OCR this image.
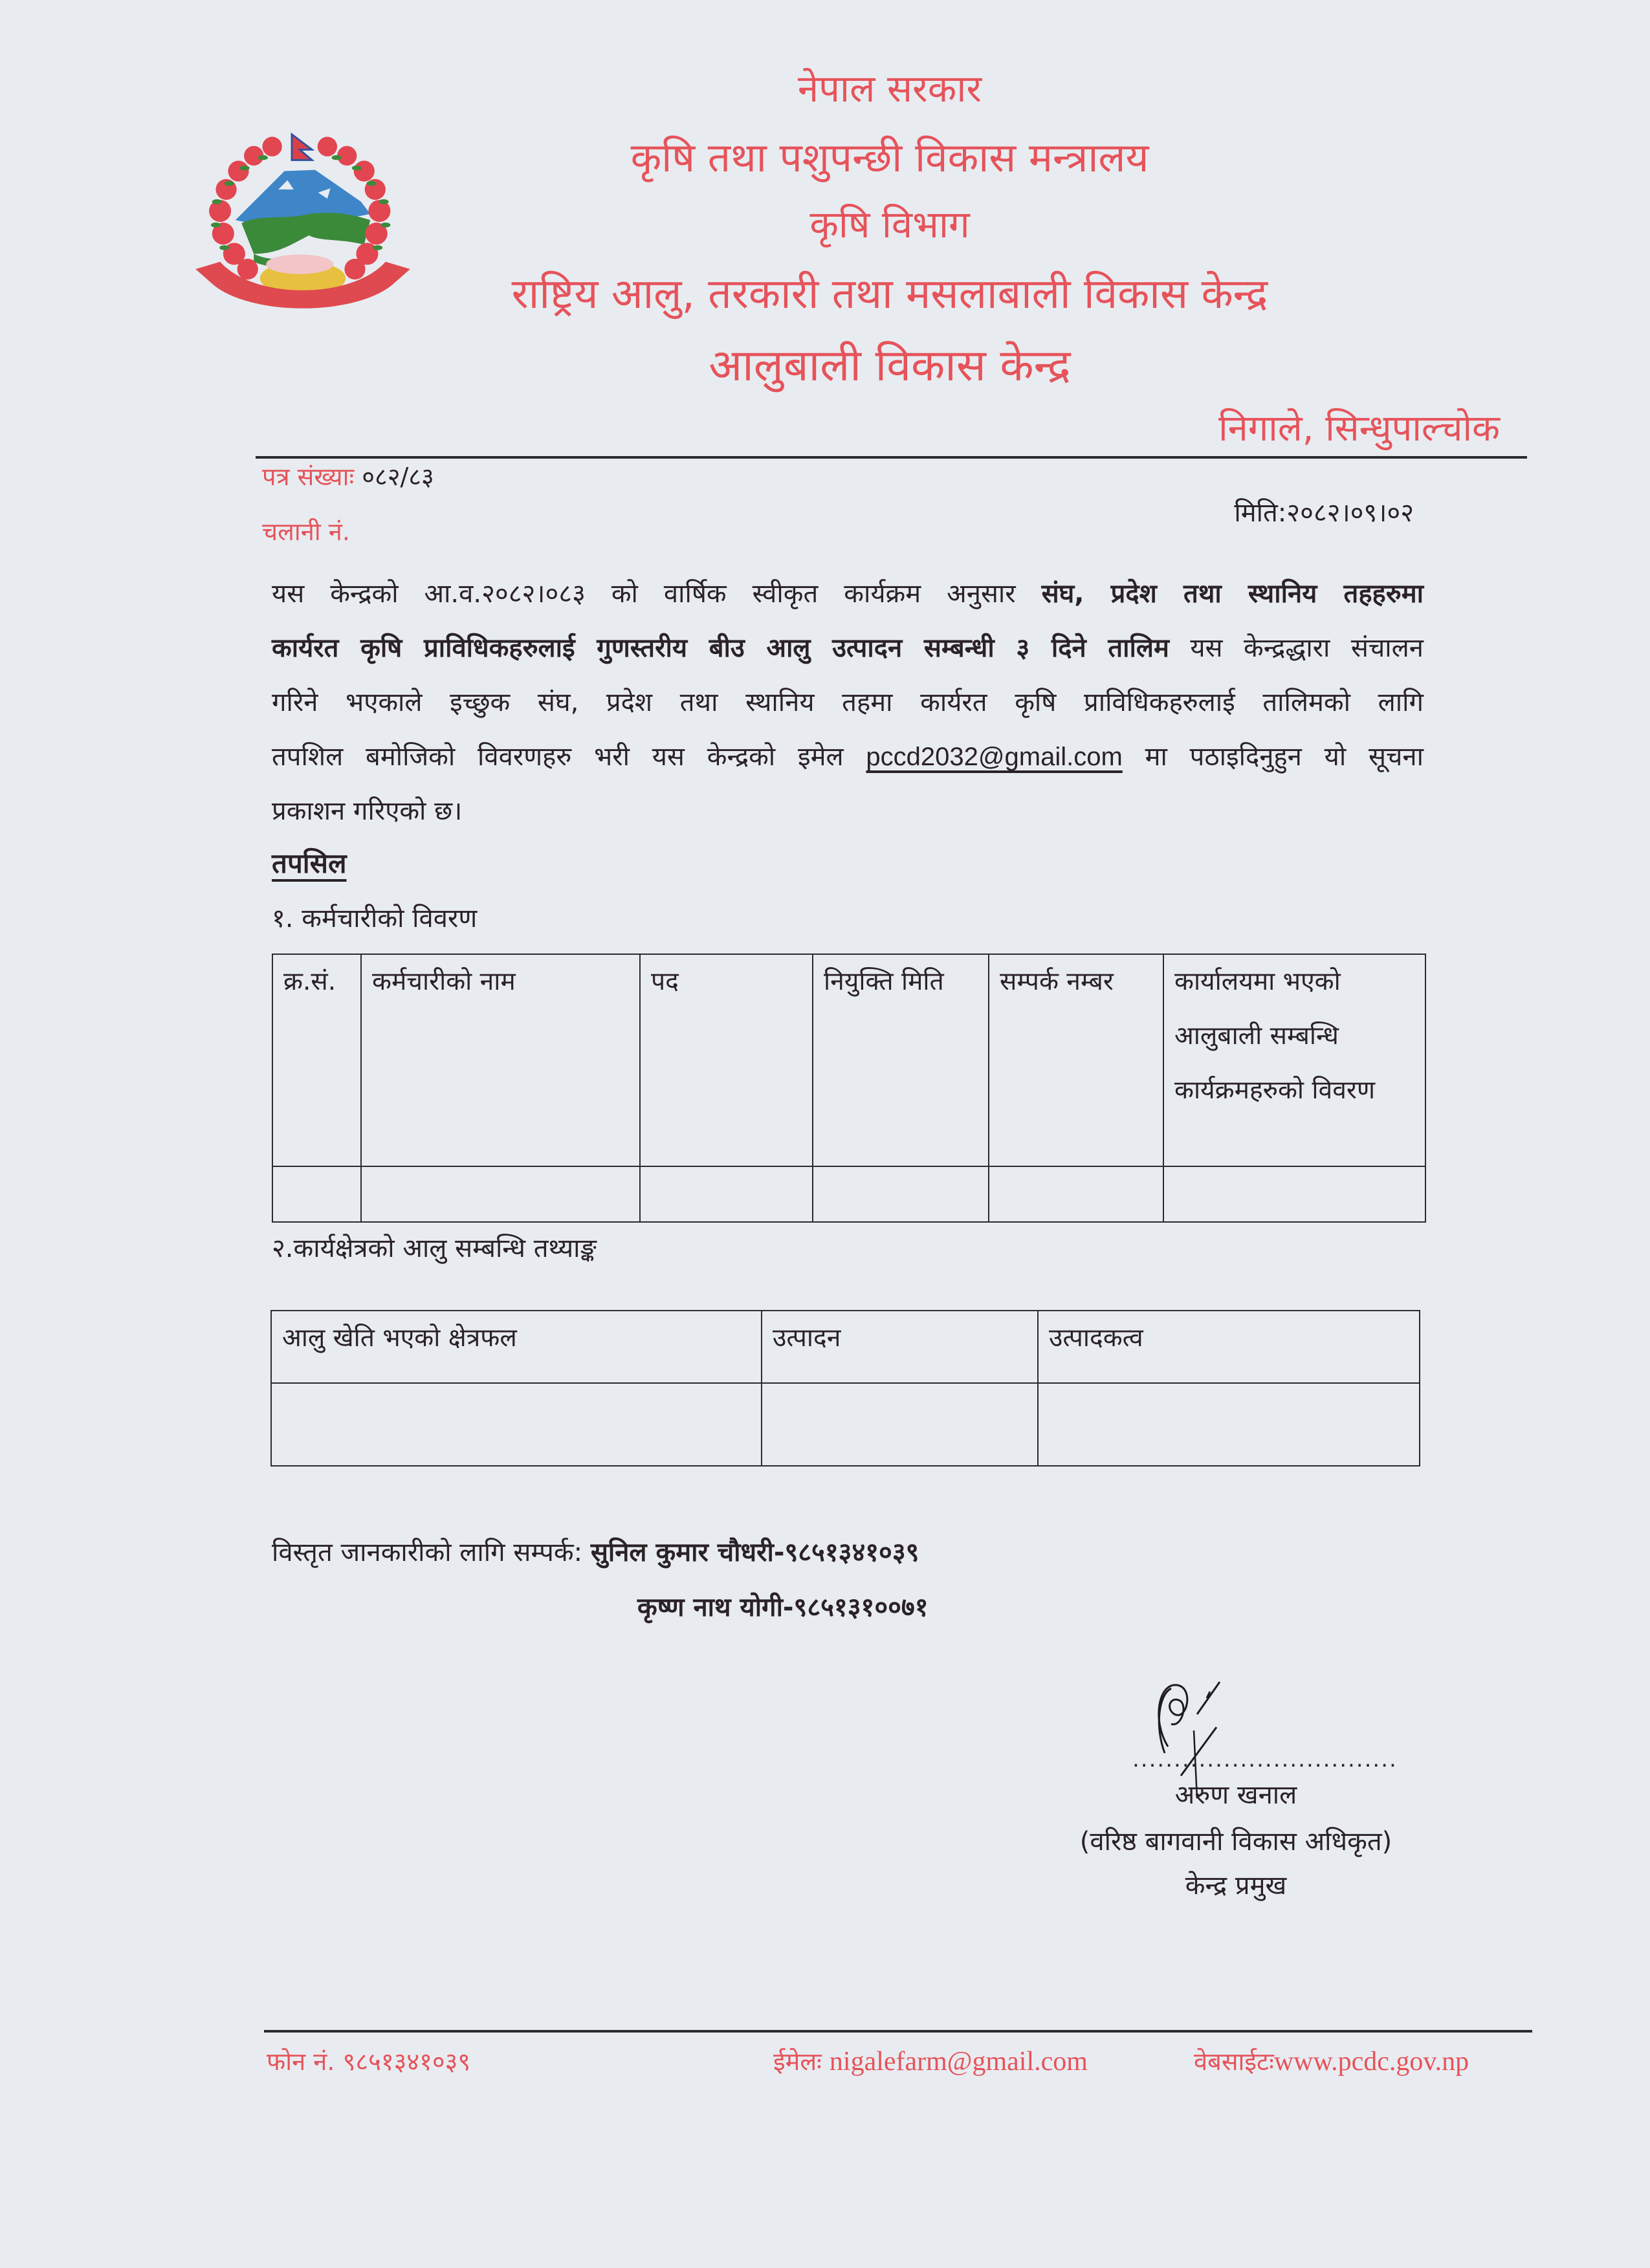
नेपाल सरकार
कृषि तथा पशुपन्छी विकास मन्त्रालय
कृषि विभाग
राष्ट्रिय आलु, तरकारी तथा मसलाबाली विकास केन्द्र
आलुबाली विकास केन्द्र
निगाले, सिन्धुपाल्चोक
पत्र संख्याः ०८२/८३
चलानी नं.
मिति:२०८२।०९।०२
यस केन्द्रको आ.व.२०८२।०८३ को वार्षिक स्वीकृत कार्यक्रम अनुसार संघ, प्रदेश तथा स्थानिय तहहरुमा
कार्यरत कृषि प्राविधिकहरुलाई गुणस्तरीय बीउ आलु उत्पादन सम्बन्धी ३ दिने तालिम यस केन्द्रद्धारा संचालन
गरिने भएकाले इच्छुक संघ, प्रदेश तथा स्थानिय तहमा कार्यरत कृषि प्राविधिकहरुलाई तालिमको लागि
तपशिल बमोजिको विवरणहरु भरी यस केन्द्रको इमेल pccd2032@gmail.com मा पठाइदिनुहुन यो सूचना
प्रकाशन गरिएको छ।
तपसिल
१. कर्मचारीको विवरण
क्र.सं.	कर्मचारीको नाम	पद	नियुक्ति मिति	सम्पर्क नम्बर	कार्यालयमा भएको आलुबाली सम्बन्धि कार्यक्रमहरुको विवरण

२.कार्यक्षेत्रको आलु सम्बन्धि तथ्याङ्क
आलु खेति भएको क्षेत्रफल	उत्पादन	उत्पादकत्व

विस्तृत जानकारीको लागि सम्पर्क: सुनिल कुमार चौधरी-९८५१३४१०३९
कृष्ण नाथ योगी-९८५१३१००७१
................................
अरुण खनाल
(वरिष्ठ बागवानी विकास अधिकृत)
केन्द्र प्रमुख
फोन नं. ९८५१३४१०३९	ईमेलः nigalefarm@gmail.com	वेबसाईटःwww.pcdc.gov.np
